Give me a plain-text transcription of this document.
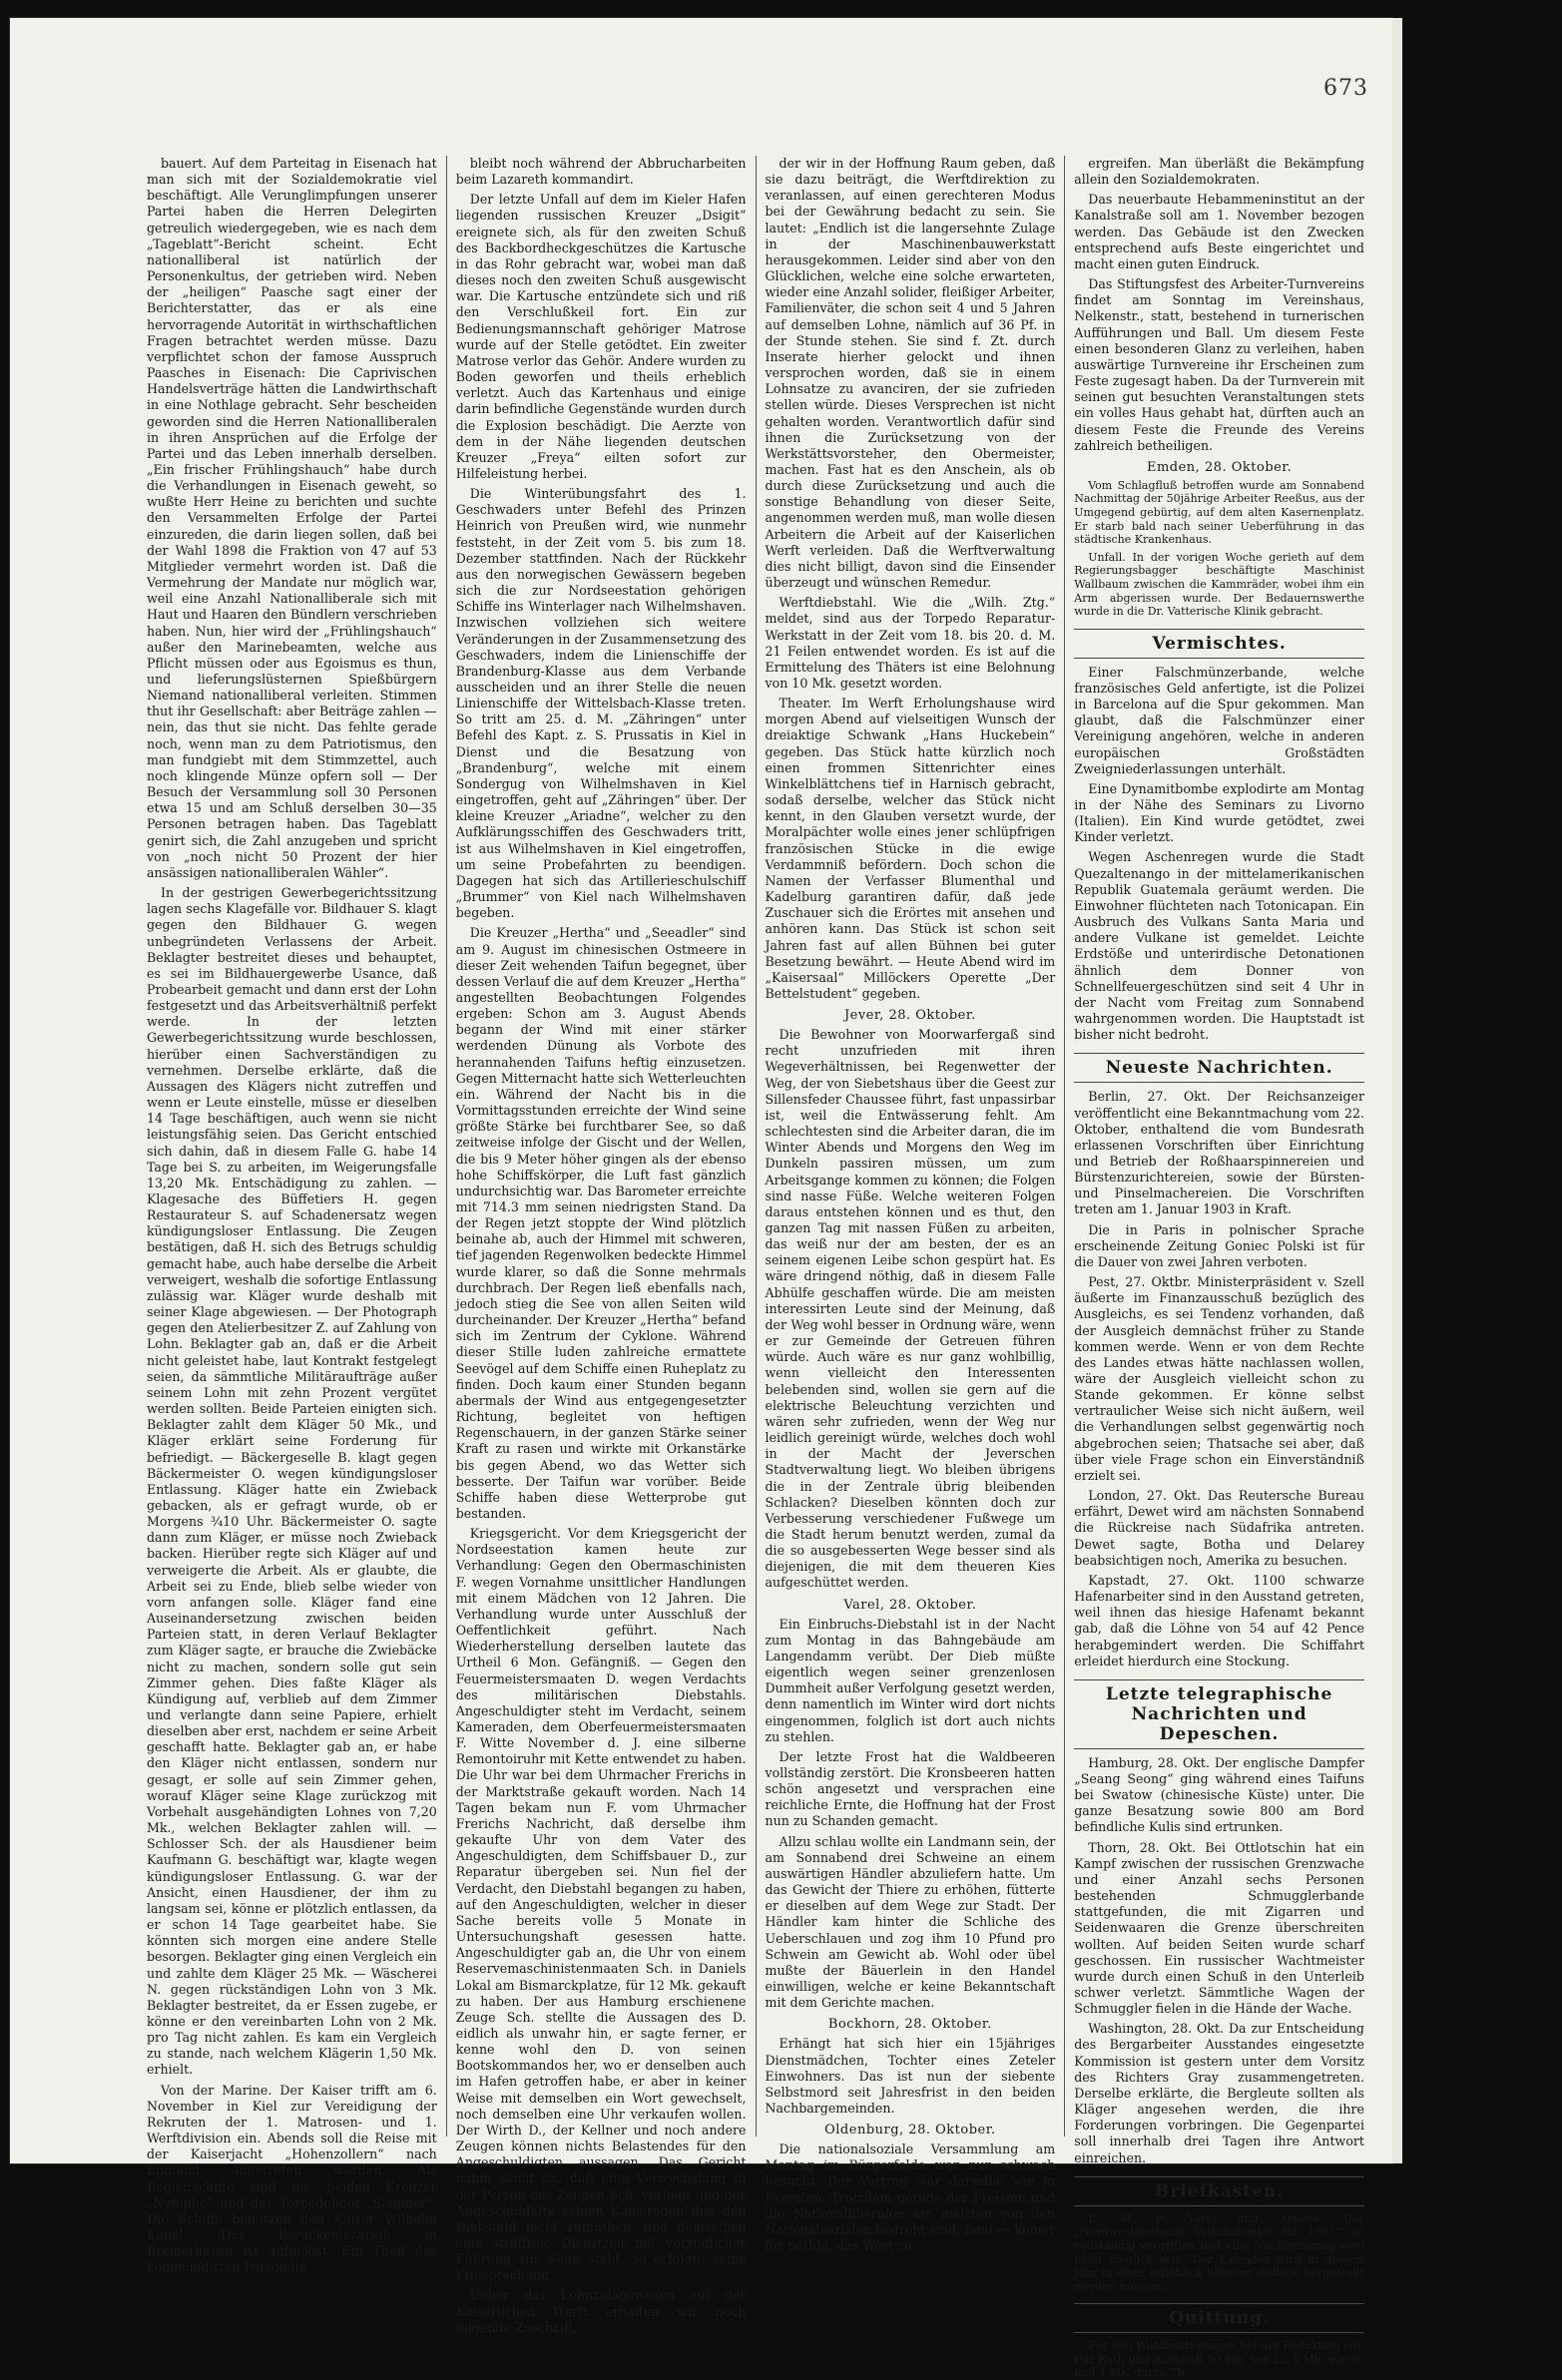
673

bauert. Auf dem Parteitag in Eisenach hat man sich mit der Sozialdemokratie viel beschäftigt. Alle Verunglimpfungen unserer Partei haben die Herren Delegirten getreulich wiedergegeben, wie es nach dem „Tageblatt“-Bericht scheint. Echt nationalliberal ist natürlich der Personenkultus, der getrieben wird. Neben der „heiligen“ Paasche sagt einer der Berichterstatter, das er als eine hervorragende Autorität in wirthschaftlichen Fragen betrachtet werden müsse. Dazu verpflichtet schon der famose Ausspruch Paasches in Eisenach: Die Caprivischen Handelsverträge hätten die Landwirthschaft in eine Nothlage gebracht. Sehr bescheiden geworden sind die Herren Nationalliberalen in ihren Ansprüchen auf die Erfolge der Partei und das Leben innerhalb derselben. „Ein frischer Frühlingshauch“ habe durch die Verhandlungen in Eisenach geweht, so wußte Herr Heine zu berichten und suchte den Versammelten Erfolge der Partei einzureden, die darin liegen sollen, daß bei der Wahl 1898 die Fraktion von 47 auf 53 Mitglieder vermehrt worden ist. Daß die Vermehrung der Mandate nur möglich war, weil eine Anzahl Nationalliberale sich mit Haut und Haaren den Bündlern verschrieben haben. Nun, hier wird der „Frühlingshauch“ außer den Marinebeamten, welche aus Pflicht müssen oder aus Egoismus es thun, und lieferungslüsternen Spießbürgern Niemand nationalliberal verleiten. Stimmen thut ihr Gesellschaft: aber Beiträge zahlen — nein, das thut sie nicht. Das fehlte gerade noch, wenn man zu dem Patriotismus, den man fundgiebt mit dem Stimmzettel, auch noch klingende Münze opfern soll — Der Besuch der Versammlung soll 30 Personen etwa 15 und am Schluß derselben 30—35 Personen betragen haben. Das Tageblatt genirt sich, die Zahl anzugeben und spricht von „noch nicht 50 Prozent der hier ansässigen nationalliberalen Wähler“.

In der gestrigen Gewerbegerichtssitzung lagen sechs Klagefälle vor. Bildhauer S. klagt gegen den Bildhauer G. wegen unbegründeten Verlassens der Arbeit. Beklagter bestreitet dieses und behauptet, es sei im Bildhauergewerbe Usance, daß Probearbeit gemacht und dann erst der Lohn festgesetzt und das Arbeitsverhältniß perfekt werde. In der letzten Gewerbegerichtssitzung wurde beschlossen, hierüber einen Sachverständigen zu vernehmen. Derselbe erklärte, daß die Aussagen des Klägers nicht zutreffen und wenn er Leute einstelle, müsse er dieselben 14 Tage beschäftigen, auch wenn sie nicht leistungsfähig seien. Das Gericht entschied sich dahin, daß in diesem Falle G. habe 14 Tage bei S. zu arbeiten, im Weigerungsfalle 13,20 Mk. Entschädigung zu zahlen. — Klagesache des Büffetiers H. gegen Restaurateur S. auf Schadenersatz wegen kündigungsloser Entlassung. Die Zeugen bestätigen, daß H. sich des Betrugs schuldig gemacht habe, auch habe derselbe die Arbeit verweigert, weshalb die sofortige Entlassung zulässig war. Kläger wurde deshalb mit seiner Klage abgewiesen. — Der Photograph gegen den Atelierbesitzer Z. auf Zahlung von Lohn. Beklagter gab an, daß er die Arbeit nicht geleistet habe, laut Kontrakt festgelegt seien, da sämmtliche Militäraufträge außer seinem Lohn mit zehn Prozent vergütet werden sollten. Beide Parteien einigten sich. Beklagter zahlt dem Kläger 50 Mk., und Kläger erklärt seine Forderung für befriedigt. — Bäckergeselle B. klagt gegen Bäckermeister O. wegen kündigungsloser Entlassung. Kläger hatte ein Zwieback gebacken, als er gefragt wurde, ob er Morgens ¾10 Uhr. Bäckermeister O. sagte dann zum Kläger, er müsse noch Zwieback backen. Hierüber regte sich Kläger auf und verweigerte die Arbeit. Als er glaubte, die Arbeit sei zu Ende, blieb selbe wieder von vorn anfangen solle. Kläger fand eine Auseinandersetzung zwischen beiden Parteien statt, in deren Verlauf Beklagter zum Kläger sagte, er brauche die Zwiebäcke nicht zu machen, sondern solle gut sein Zimmer gehen. Dies faßte Kläger als Kündigung auf, verblieb auf dem Zimmer und verlangte dann seine Papiere, erhielt dieselben aber erst, nachdem er seine Arbeit geschafft hatte. Beklagter gab an, er habe den Kläger nicht entlassen, sondern nur gesagt, er solle auf sein Zimmer gehen, worauf Kläger seine Klage zurückzog mit Vorbehalt ausgehändigten Lohnes von 7,20 Mk., welchen Beklagter zahlen will. — Schlosser Sch. der als Hausdiener beim Kaufmann G. beschäftigt war, klagte wegen kündigungsloser Entlassung. G. war der Ansicht, einen Hausdiener, der ihm zu langsam sei, könne er plötzlich entlassen, da er schon 14 Tage gearbeitet habe. Sie könnten sich morgen eine andere Stelle besorgen. Beklagter ging einen Vergleich ein und zahlte dem Kläger 25 Mk. — Wäscherei N. gegen rückständigen Lohn von 3 Mk. Beklagter bestreitet, da er Essen zugebe, er könne er den vereinbarten Lohn von 2 Mk. pro Tag nicht zahlen. Es kam ein Vergleich zu stande, nach welchem Klägerin 1,50 Mk. erhielt.

Von der Marine. Der Kaiser trifft am 6. November in Kiel zur Vereidigung der Rekruten der 1. Matrosen- und 1. Werftdivision ein. Abends soll die Reise mit der Kaiserjacht „Hohenzollern“ nach England angetreten werden. Als Begleitschiffe sind die beiden Kreuzer „Nymphe“ und das Torpedoboot „Sleipner“. Die Schiffe benutzen den Kaiser Wilhelm Kanal. Das Barackenlazareth in Bremerhaven ist aufgelöst. Ein Theil des kommandirten Personals

bleibt noch während der Abbrucharbeiten beim Lazareth kommandirt.

Der letzte Unfall auf dem im Kieler Hafen liegenden russischen Kreuzer „Dsigit“ ereignete sich, als für den zweiten Schuß des Backbordheckgeschützes die Kartusche in das Rohr gebracht war, wobei man daß dieses noch den zweiten Schuß ausgewischt war. Die Kartusche entzündete sich und riß den Verschlußkeil fort. Ein zur Bedienungsmannschaft gehöriger Matrose wurde auf der Stelle getödtet. Ein zweiter Matrose verlor das Gehör. Andere wurden zu Boden geworfen und theils erheblich verletzt. Auch das Kartenhaus und einige darin befindliche Gegenstände wurden durch die Explosion beschädigt. Die Aerzte von dem in der Nähe liegenden deutschen Kreuzer „Freya“ eilten sofort zur Hilfeleistung herbei.

Die Winterübungsfahrt des 1. Geschwaders unter Befehl des Prinzen Heinrich von Preußen wird, wie nunmehr feststeht, in der Zeit vom 5. bis zum 18. Dezember stattfinden. Nach der Rückkehr aus den norwegischen Gewässern begeben sich die zur Nordseestation gehörigen Schiffe ins Winterlager nach Wilhelmshaven. Inzwischen vollziehen sich weitere Veränderungen in der Zusammensetzung des Geschwaders, indem die Linienschiffe der Brandenburg-Klasse aus dem Verbande ausscheiden und an ihrer Stelle die neuen Linienschiffe der Wittelsbach-Klasse treten. So tritt am 25. d. M. „Zähringen“ unter Befehl des Kapt. z. S. Prussatis in Kiel in Dienst und die Besatzung von „Brandenburg“, welche mit einem Sondergug von Wilhelmshaven in Kiel eingetroffen, geht auf „Zähringen“ über. Der kleine Kreuzer „Ariadne“, welcher zu den Aufklärungsschiffen des Geschwaders tritt, ist aus Wilhelmshaven in Kiel eingetroffen, um seine Probefahrten zu beendigen. Dagegen hat sich das Artillerieschulschiff „Brummer“ von Kiel nach Wilhelmshaven begeben.

Die Kreuzer „Hertha“ und „Seeadler“ sind am 9. August im chinesischen Ostmeere in dieser Zeit wehenden Taifun begegnet, über dessen Verlauf die auf dem Kreuzer „Hertha“ angestellten Beobachtungen Folgendes ergeben: Schon am 3. August Abends begann der Wind mit einer stärker werdenden Dünung als Vorbote des herannahenden Taifuns heftig einzusetzen. Gegen Mitternacht hatte sich Wetterleuchten ein. Während der Nacht bis in die Vormittagsstunden erreichte der Wind seine größte Stärke bei furchtbarer See, so daß zeitweise infolge der Gischt und der Wellen, die bis 9 Meter höher gingen als der ebenso hohe Schiffskörper, die Luft fast gänzlich undurchsichtig war. Das Barometer erreichte mit 714.3 mm seinen niedrigsten Stand. Da der Regen jetzt stoppte der Wind plötzlich beinahe ab, auch der Himmel mit schweren, tief jagenden Regenwolken bedeckte Himmel wurde klarer, so daß die Sonne mehrmals durchbrach. Der Regen ließ ebenfalls nach, jedoch stieg die See von allen Seiten wild durcheinander. Der Kreuzer „Hertha“ befand sich im Zentrum der Cyklone. Während dieser Stille luden zahlreiche ermattete Seevögel auf dem Schiffe einen Ruheplatz zu finden. Doch kaum einer Stunden begann abermals der Wind aus entgegengesetzter Richtung, begleitet von heftigen Regenschauern, in der ganzen Stärke seiner Kraft zu rasen und wirkte mit Orkanstärke bis gegen Abend, wo das Wetter sich besserte. Der Taifun war vorüber. Beide Schiffe haben diese Wetterprobe gut bestanden.

Kriegsgericht. Vor dem Kriegsgericht der Nordseestation kamen heute zur Verhandlung: Gegen den Obermaschinisten F. wegen Vornahme unsittlicher Handlungen mit einem Mädchen von 12 Jahren. Die Verhandlung wurde unter Ausschluß der Oeffentlichkeit geführt. Nach Wiederherstellung derselben lautete das Urtheil 6 Mon. Gefängniß. — Gegen den Feuermeistersmaaten D. wegen Verdachts des militärischen Diebstahls. Angeschuldigter steht im Verdacht, seinem Kameraden, dem Oberfeuermeistersmaaten F. Witte November d. J. eine silberne Remontoiruhr mit Kette entwendet zu haben. Die Uhr war bei dem Uhrmacher Frerichs in der Marktstraße gekauft worden. Nach 14 Tagen bekam nun F. vom Uhrmacher Frerichs Nachricht, daß derselbe ihm gekaufte Uhr von dem Vater des Angeschuldigten, dem Schiffsbauer D., zur Reparatur übergeben sei. Nun fiel der Verdacht, den Diebstahl begangen zu haben, auf den Angeschuldigten, welcher in dieser Sache bereits volle 5 Monate in Untersuchungshaft gesessen hatte. Angeschuldigter gab an, die Uhr von einem Reservemaschinistenmaaten Sch. in Daniels Lokal am Bismarckplatze, für 12 Mk. gekauft zu haben. Der aus Hamburg erschienene Zeuge Sch. stellte die Aussagen des D. eidlich als unwahr hin, er sagte ferner, er kenne wohl den D. von seinen Bootskommandos her, wo er denselben auch im Hafen getroffen habe, er aber in keiner Weise mit demselben ein Wort gewechselt, noch demselben eine Uhr verkaufen wollen. Der Wirth D., der Kellner und noch andere Zeugen können nichts Belastendes für den Angeschuldigten aussagen. Das Gericht nahm somit an, daß eine Verwechslung in der Person des Zeugen Sch. vorliegt und der Angeschuldigte seinen Kameraden ihm den Diebstahl nicht zumuthen, und demselben eine straffreie Dienstzeit mit vorzüglicher Führung zur Seite steht, so erfolgte seine Freisprechung.

Ueber das Lohnzulagewesen auf der Kaiserlichen Werft erhalten wir noch folgende Zuschrift,

der wir in der Hoffnung Raum geben, daß sie dazu beiträgt, die Werftdirektion zu veranlassen, auf einen gerechteren Modus bei der Gewährung bedacht zu sein. Sie lautet: „Endlich ist die langersehnte Zulage in der Maschinenbauwerkstatt herausgekommen. Leider sind aber von den Glücklichen, welche eine solche erwarteten, wieder eine Anzahl solider, fleißiger Arbeiter, Familienväter, die schon seit 4 und 5 Jahren auf demselben Lohne, nämlich auf 36 Pf. in der Stunde stehen. Sie sind f. Zt. durch Inserate hierher gelockt und ihnen versprochen worden, daß sie in einem Lohnsatze zu avanciren, der sie zufrieden stellen würde. Dieses Versprechen ist nicht gehalten worden. Verantwortlich dafür sind ihnen die Zurücksetzung von der Werkstättsvorsteher, den Obermeister, machen. Fast hat es den Anschein, als ob durch diese Zurücksetzung und auch die sonstige Behandlung von dieser Seite, angenommen werden muß, man wolle diesen Arbeitern die Arbeit auf der Kaiserlichen Werft verleiden. Daß die Werftverwaltung dies nicht billigt, davon sind die Einsender überzeugt und wünschen Remedur.

Werftdiebstahl. Wie die „Wilh. Ztg.“ meldet, sind aus der Torpedo Reparatur-Werkstatt in der Zeit vom 18. bis 20. d. M. 21 Feilen entwendet worden. Es ist auf die Ermittelung des Thäters ist eine Belohnung von 10 Mk. gesetzt worden.

Theater. Im Werft Erholungshause wird morgen Abend auf vielseitigen Wunsch der dreiaktige Schwank „Hans Huckebein“ gegeben. Das Stück hatte kürzlich noch einen frommen Sittenrichter eines Winkelblättchens tief in Harnisch gebracht, sodaß derselbe, welcher das Stück nicht kennt, in den Glauben versetzt wurde, der Moralpächter wolle eines jener schlüpfrigen französischen Stücke in die ewige Verdammniß befördern. Doch schon die Namen der Verfasser Blumenthal und Kadelburg garantiren dafür, daß jede Zuschauer sich die Erörtes mit ansehen und anhören kann. Das Stück ist schon seit Jahren fast auf allen Bühnen bei guter Besetzung bewährt. — Heute Abend wird im „Kaisersaal“ Millöckers Operette „Der Bettelstudent“ gegeben.

Jever, 28. Oktober.

Die Bewohner von Moorwarfergaß sind recht unzufrieden mit ihren Wegeverhältnissen, bei Regenwetter der Weg, der von Siebetshaus über die Geest zur Sillensfeder Chaussee führt, fast unpassirbar ist, weil die Entwässerung fehlt. Am schlechtesten sind die Arbeiter daran, die im Winter Abends und Morgens den Weg im Dunkeln passiren müssen, um zum Arbeitsgange kommen zu können; die Folgen sind nasse Füße. Welche weiteren Folgen daraus entstehen können und es thut, den ganzen Tag mit nassen Füßen zu arbeiten, das weiß nur der am besten, der es an seinem eigenen Leibe schon gespürt hat. Es wäre dringend nöthig, daß in diesem Falle Abhülfe geschaffen würde. Die am meisten interessirten Leute sind der Meinung, daß der Weg wohl besser in Ordnung wäre, wenn er zur Gemeinde der Getreuen führen würde. Auch wäre es nur ganz wohlbillig, wenn vielleicht den Interessenten belebenden sind, wollen sie gern auf die elektrische Beleuchtung verzichten und wären sehr zufrieden, wenn der Weg nur leidlich gereinigt würde, welches doch wohl in der Macht der Jeverschen Stadtverwaltung liegt. Wo bleiben übrigens die in der Zentrale übrig bleibenden Schlacken? Dieselben könnten doch zur Verbesserung verschiedener Fußwege um die Stadt herum benutzt werden, zumal da die so ausgebesserten Wege besser sind als diejenigen, die mit dem theueren Kies aufgeschüttet werden.

Varel, 28. Oktober.

Ein Einbruchs-Diebstahl ist in der Nacht zum Montag in das Bahngebäude am Langendamm verübt. Der Dieb müßte eigentlich wegen seiner grenzenlosen Dummheit außer Verfolgung gesetzt werden, denn namentlich im Winter wird dort nichts eingenommen, folglich ist dort auch nichts zu stehlen.

Der letzte Frost hat die Waldbeeren vollständig zerstört. Die Kronsbeeren hatten schön angesetzt und versprachen eine reichliche Ernte, die Hoffnung hat der Frost nun zu Schanden gemacht.

Allzu schlau wollte ein Landmann sein, der am Sonnabend drei Schweine an einem auswärtigen Händler abzuliefern hatte. Um das Gewicht der Thiere zu erhöhen, fütterte er dieselben auf dem Wege zur Stadt. Der Händler kam hinter die Schliche des Ueberschlauen und zog ihm 10 Pfund pro Schwein am Gewicht ab. Wohl oder übel mußte der Bäuerlein in den Handel einwilligen, welche er keine Bekanntschaft mit dem Gerichte machen.

Bockhorn, 28. Oktober.

Erhängt hat sich hier ein 15jähriges Dienstmädchen, Tochter eines Zeteler Einwohners. Das ist nun der siebente Selbstmord seit Jahresfrist in den beiden Nachbargemeinden.

Oldenburg, 28. Oktober.

Die nationalsoziale Versammlung am Montag im Bürgerfelde war nur schwach besucht. Der Vortrag war derselbe wie in Eversten. Trotzdem gerade der Freisinn und die Nationalliberalen am meisten von den Nationalsozialen bedroht sind, fand es keiner für nöthig, das Wort zu

ergreifen. Man überläßt die Bekämpfung allein den Sozialdemokraten.

Das neuerbaute Hebammeninstitut an der Kanalstraße soll am 1. November bezogen werden. Das Gebäude ist den Zwecken entsprechend aufs Beste eingerichtet und macht einen guten Eindruck.

Das Stiftungsfest des Arbeiter-Turnvereins findet am Sonntag im Vereinshaus, Nelkenstr., statt, bestehend in turnerischen Aufführungen und Ball. Um diesem Feste einen besonderen Glanz zu verleihen, haben auswärtige Turnvereine ihr Erscheinen zum Feste zugesagt haben. Da der Turnverein mit seinen gut besuchten Veranstaltungen stets ein volles Haus gehabt hat, dürften auch an diesem Feste die Freunde des Vereins zahlreich betheiligen.

Emden, 28. Oktober.

Vom Schlagfluß betroffen wurde am Sonnabend Nachmittag der 50jährige Arbeiter Reeßus, aus der Umgegend gebürtig, auf dem alten Kasernenplatz. Er starb bald nach seiner Ueberführung in das städtische Krankenhaus.

Unfall. In der vorigen Woche gerieth auf dem Regierungsbagger beschäftigte Maschinist Wallbaum zwischen die Kammräder, wobei ihm ein Arm abgerissen wurde. Der Bedauernswerthe wurde in die Dr. Vatterische Klinik gebracht.

Vermischtes.

Einer Falschmünzerbande, welche französisches Geld anfertigte, ist die Polizei in Barcelona auf die Spur gekommen. Man glaubt, daß die Falschmünzer einer Vereinigung angehören, welche in anderen europäischen Großstädten Zweigniederlassungen unterhält.

Eine Dynamitbombe explodirte am Montag in der Nähe des Seminars zu Livorno (Italien). Ein Kind wurde getödtet, zwei Kinder verletzt.

Wegen Aschenregen wurde die Stadt Quezaltenango in der mittelamerikanischen Republik Guatemala geräumt werden. Die Einwohner flüchteten nach Totonicapan. Ein Ausbruch des Vulkans Santa Maria und andere Vulkane ist gemeldet. Leichte Erdstöße und unterirdische Detonationen ähnlich dem Donner von Schnellfeuergeschützen sind seit 4 Uhr in der Nacht vom Freitag zum Sonnabend wahrgenommen worden. Die Hauptstadt ist bisher nicht bedroht.

Neueste Nachrichten.

Berlin, 27. Okt. Der Reichsanzeiger veröffentlicht eine Bekanntmachung vom 22. Oktober, enthaltend die vom Bundesrath erlassenen Vorschriften über Einrichtung und Betrieb der Roßhaarspinnereien und Bürstenzurichtereien, sowie der Bürsten- und Pinselmachereien. Die Vorschriften treten am 1. Januar 1903 in Kraft.

Die in Paris in polnischer Sprache erscheinende Zeitung Goniec Polski ist für die Dauer von zwei Jahren verboten.

Pest, 27. Oktbr. Ministerpräsident v. Szell äußerte im Finanzausschuß bezüglich des Ausgleichs, es sei Tendenz vorhanden, daß der Ausgleich demnächst früher zu Stande kommen werde. Wenn er von dem Rechte des Landes etwas hätte nachlassen wollen, wäre der Ausgleich vielleicht schon zu Stande gekommen. Er könne selbst vertraulicher Weise sich nicht äußern, weil die Verhandlungen selbst gegenwärtig noch abgebrochen seien; Thatsache sei aber, daß über viele Frage schon ein Einverständniß erzielt sei.

London, 27. Okt. Das Reutersche Bureau erfährt, Dewet wird am nächsten Sonnabend die Rückreise nach Südafrika antreten. Dewet sagte, Botha und Delarey beabsichtigen noch, Amerika zu besuchen.

Kapstadt, 27. Okt. 1100 schwarze Hafenarbeiter sind in den Ausstand getreten, weil ihnen das hiesige Hafenamt bekannt gab, daß die Löhne von 54 auf 42 Pence herabgemindert werden. Die Schiffahrt erleidet hierdurch eine Stockung.

Letzte telegraphische Nachrichten und Depeschen.

Hamburg, 28. Okt. Der englische Dampfer „Seang Seong“ ging während eines Taifuns bei Swatow (chinesische Küste) unter. Die ganze Besatzung sowie 800 am Bord befindliche Kulis sind ertrunken.

Thorn, 28. Okt. Bei Ottlotschin hat ein Kampf zwischen der russischen Grenzwache und einer Anzahl sechs Personen bestehenden Schmugglerbande stattgefunden, die mit Zigarren und Seidenwaaren die Grenze überschreiten wollten. Auf beiden Seiten wurde scharf geschossen. Ein russischer Wachtmeister wurde durch einen Schuß in den Unterleib schwer verletzt. Sämmtliche Wagen der Schmuggler fielen in die Hände der Wache.

Washington, 28. Okt. Da zur Entscheidung des Bergarbeiter Ausstandes eingesetzte Kommission ist gestern unter dem Vorsitz des Richters Gray zusammengetreten. Derselbe erklärte, die Bergleute sollten als Kläger angesehen werden, die ihre Forderungen vorbringen. Die Gegenpartei soll innerhalb drei Tagen ihre Antwort einreichen.

Briefkasten.

E. M. in Varel und Andere. Der „Nordwestdeutsche Volkskalender für 1903“ ist vollständig vergriffen und eine Nachlieferung wird nicht möglich sein. Der Kalender wird in diesem Jahr in einer erheblich höheren Auflage hergestellt werden müssen.

Quittung.

Für den Wahlfonds gingen bei der Redaktion ein: Für Rath und Auskunft 50 Pfg. von L., 1 Mk. von N. und 1 Mk. durch Th.
